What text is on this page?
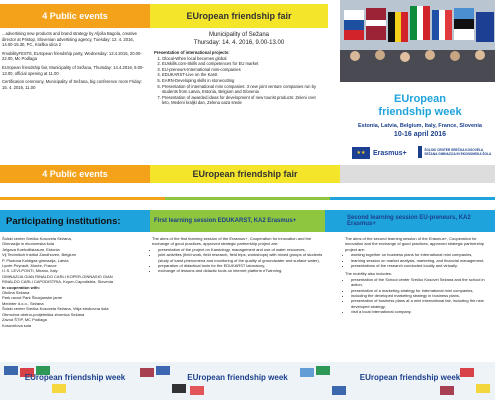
4 Public events

...advertising new products and brand strategy by Aljoša Bagola, creative director at Pristop, Slovenian advertising agency, Tuesday: 12. 4. 2016, 14.00-15.30, PC, Kraška ulica 2

#mobilityFEST6, EUropean friendship party, Wednesday: 13.4.2016, 20.00-22.00, Mc Podlaga

EUropean friendship fair, Municipality of Sežana, Thursday: 14.4.2016, 9.00-13.00, official opening at 11.00

Certification ceremony, Municipality of Sežana, big conference room Friday: 15. 4. 2016, 11.00

EUropean friendship fair
Municipality of Sežana
Thursday: 14. 4. 2016, 9.00-13.00

Presentation of international projects:

1. Glocal-When local becomes global
2. EUskills.com-Skills and competences for EU market
3. EU-preneurs-International mini-companies
4. EDUKARST-Live on the Karst
5. EARN-Developing skills in stonecutting
6. Presentation of international mini companies: 3 new joint venture companies run by students from Latvia, Estonia, Belgium and Slovenia
7. Presentation of awarded ideas for development of new tourist products: Zeleni cvet leto, Medeni kraljki dan, Zelena oaza srede	EUropean
friendship week
Estonia, Latvia, Belgium, Italy, France, Slovenia
10-16 april 2016
★★	Erasmus+	ŠOLSKI CENTER SREČKA KOSOVELA SEŽANA GIMNAZIJA IN EKONOMSKA ŠOLA
4 Public events	EUropean friendship fair
Participating institutions:

Šolski center Srečka Kosovela Sežana,

Gimnazija in ekonomska šola

Jelgava Koeholitsizaum, Estonia

Vij Technikch Institut Zandhoven, Belgium

P. Pludona Kuldigas gimnazija, Latvia

Lycée Peyrault, Morée, France

I.I.S. LEVI-PONTI, Mirano, Italy

GIMNAZIJA GIAN RINALDO CARLI KOPER-GINNASIO GIAN

RINALDO CARLI CAPODISTRIA, Koper-Capodistria, Slovenia

In cooperation with:

Občina Sežana

Park ravod Park Škocjanske jame

Mednter d.o.o., Sežana

Šolski center Srečka Kosovela Sežana, Višja strokovna šola

Območna obrtno-podjetniška zbornica Sežana

Zavod ŠTIP, MC Podlaga

Kosovelova sola

First learning session EDUKARST, KA2 Erasmus+

The aims of the first learning session of the Erasmus+, Cooperation for innovation and the exchange of good practices, approved strategic partnership project are:

• presentation of the project on Karstology, management and use of water resources,
• joint activities (field work, field research, field trips, workshops) with mixed groups of students (study of karst phenomena and monitoring of the quality of groundwater and surface water),
• preparation of didactical tools for the EDUKARST laboratory,
• exchange of lessons and didactic tools on internet platform eTwinning.
Second learning session EU-preneurs, KA2 Erasmus+

The aims of the second learning session of the Erasmus+, Cooperation for innovation and the exchange of good practices, approved strategic partnership project are:

• working together on business plans for international mini companies,
• learning session on market analysis, marketing, and financial management,
• presentations of the research conducted locally and virtually.

The mobility also includes:

• presentation of the School center Srečko Kosovel Sežana and the school in action,
• presentation of a marketing strategy for international mini companies,
• including the developed marketing strategy in business plans,
• presentation of business plans at a mini international fair, including the new developed strategy,
• visit a local international company.
EUropean friendship week	EUropean friendship week	EUropean friendship week
